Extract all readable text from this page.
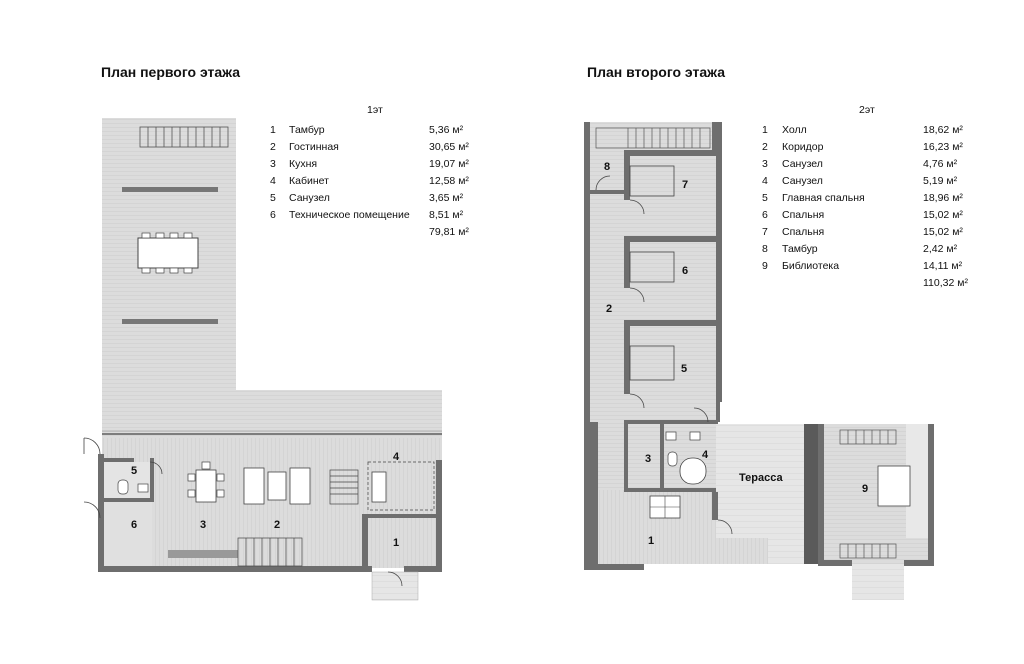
План первого этажа	План второго этажа
1эт
1 Тамбур	5,36 м²
2 Гостинная	30,65 м²
3 Кухня	19,07 м²
4 Кабинет	12,58 м²
5 Санузел	3,65 м²
6 Техническое помещение 8,51 м²
79,81 м²
2эт
1 Холл	18,62 м²
2 Коридор	16,23 м²
3 Санузел	4,76 м²
4 Санузел	5,19 м²
5 Главная спальня	18,96 м²
6 Спальня	15,02 м²
7 Спальня	15,02 м²
8 Тамбур	2,42 м²
9 Библиотека	14,11 м²
110,32 м²
1
2
3
4
5
6
1
2
3	4
5
6
7
8
9
Терасса
